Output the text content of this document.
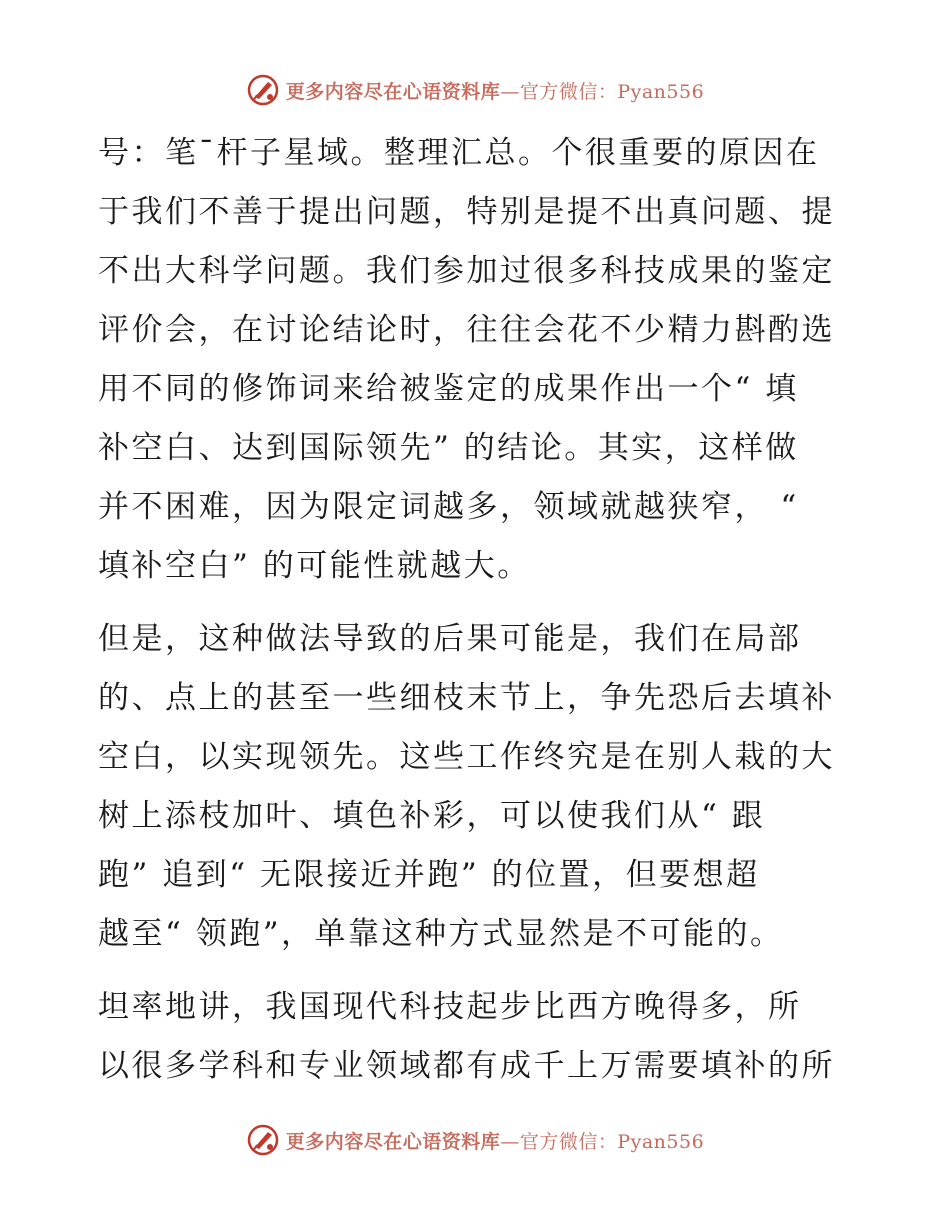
更多内容尽在心语资料库—官方微信：Pyan556

号：笔¯杆子星域。整理汇总。个很重要的原因在
于我们不善于提出问题，特别是提不出真问题、提
不出大科学问题。我们参加过很多科技成果的鉴定
评价会，在讨论结论时，往往会花不少精力斟酌选
用不同的修饰词来给被鉴定的成果作出一个“ 填
补空白、达到国际领先” 的结论。其实，这样做
并不困难，因为限定词越多，领域就越狭窄， “
填补空白” 的可能性就越大。

但是，这种做法导致的后果可能是，我们在局部
的、点上的甚至一些细枝末节上，争先恐后去填补
空白，以实现领先。这些工作终究是在别人栽的大
树上添枝加叶、填色补彩，可以使我们从“ 跟
跑” 追到“ 无限接近并跑” 的位置，但要想超
越至“ 领跑”，单靠这种方式显然是不可能的。

坦率地讲，我国现代科技起步比西方晚得多，所
以很多学科和专业领域都有成千上万需要填补的所

更多内容尽在心语资料库—官方微信：Pyan556
